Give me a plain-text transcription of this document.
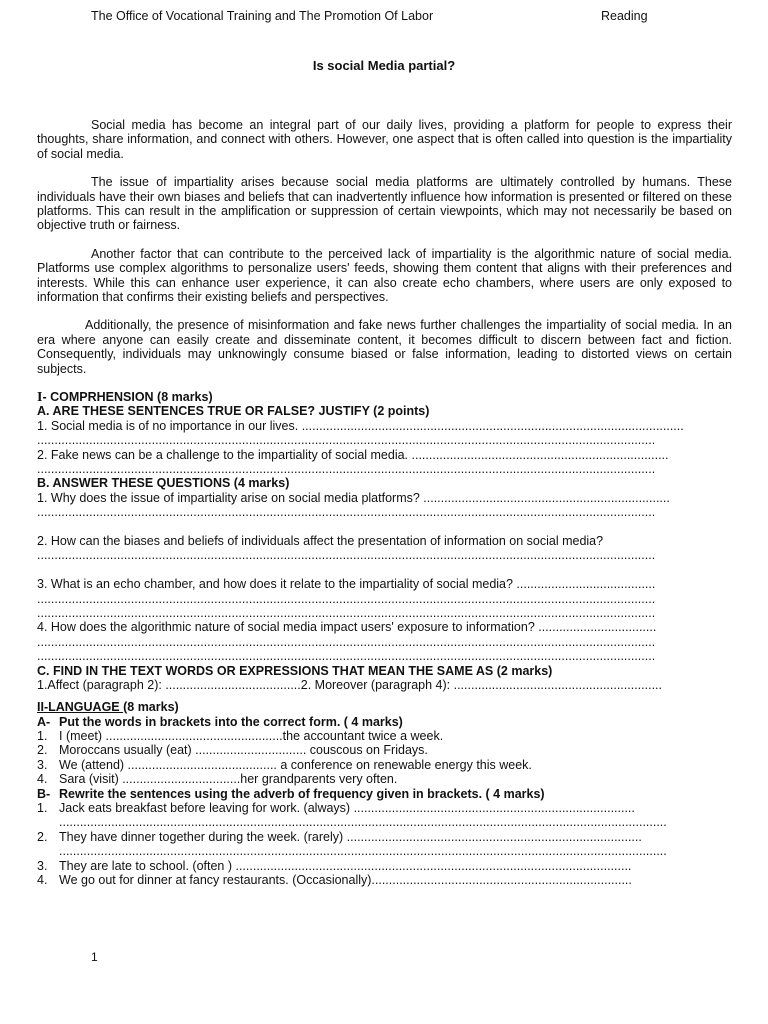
The Office of Vocational Training and The Promotion Of Labor	Reading
Is social Media partial?

Social media has become an integral part of our daily lives, providing a platform for people to express their thoughts, share information, and connect with others. However, one aspect that is often called into question is the impartiality of social media.

The issue of impartiality arises because social media platforms are ultimately controlled by humans. These individuals have their own biases and beliefs that can inadvertently influence how information is presented or filtered on these platforms. This can result in the amplification or suppression of certain viewpoints, which may not necessarily be based on objective truth or fairness.

Another factor that can contribute to the perceived lack of impartiality is the algorithmic nature of social media. Platforms use complex algorithms to personalize users' feeds, showing them content that aligns with their preferences and interests. While this can enhance user experience, it can also create echo chambers, where users are only exposed to information that confirms their existing beliefs and perspectives.

Additionally, the presence of misinformation and fake news further challenges the impartiality of social media. In an era where anyone can easily create and disseminate content, it becomes difficult to discern between fact and fiction. Consequently, individuals may unknowingly consume biased or false information, leading to distorted views on certain subjects.

I- COMPRHENSION (8 marks)
A. ARE THESE SENTENCES TRUE OR FALSE? JUSTIFY (2 points)
1. Social media is of no importance in our lives. ..............................................................................................................
..................................................................................................................................................................................
2. Fake news can be a challenge to the impartiality of social media. ..........................................................................
..................................................................................................................................................................................
B. ANSWER THESE QUESTIONS (4 marks)
1. Why does the issue of impartiality arise on social media platforms? .......................................................................
..................................................................................................................................................................................
2. How can the biases and beliefs of individuals affect the presentation of information on social media?
..................................................................................................................................................................................
3. What is an echo chamber, and how does it relate to the impartiality of social media? ........................................
..................................................................................................................................................................................
..................................................................................................................................................................................
4. How does the algorithmic nature of social media impact users' exposure to information? ..................................
..................................................................................................................................................................................
..................................................................................................................................................................................
C. FIND IN THE TEXT WORDS OR EXPRESSIONS THAT MEAN THE SAME AS (2 marks)
1.Affect (paragraph 2): .......................................2. Moreover (paragraph 4): ............................................................
II-LANGUAGE (8 marks)
A- Put the words in brackets into the correct form. ( 4 marks)
1. I (meet) ...................................................the accountant twice a week.
2. Moroccans usually (eat) ................................ couscous on Fridays.
3. We (attend) ........................................... a conference on renewable energy this week.
4. Sara (visit) ..................................her grandparents very often.
B- Rewrite the sentences using the adverb of frequency given in brackets. ( 4 marks)
1. Jack eats breakfast before leaving for work. (always) .................................................................................
...............................................................................................................................................................................
2. They have dinner together during the week. (rarely) .....................................................................................
...............................................................................................................................................................................
3. They are late to school. (often ) ..................................................................................................................
4. We go out for dinner at fancy restaurants. (Occasionally)...........................................................................
1
